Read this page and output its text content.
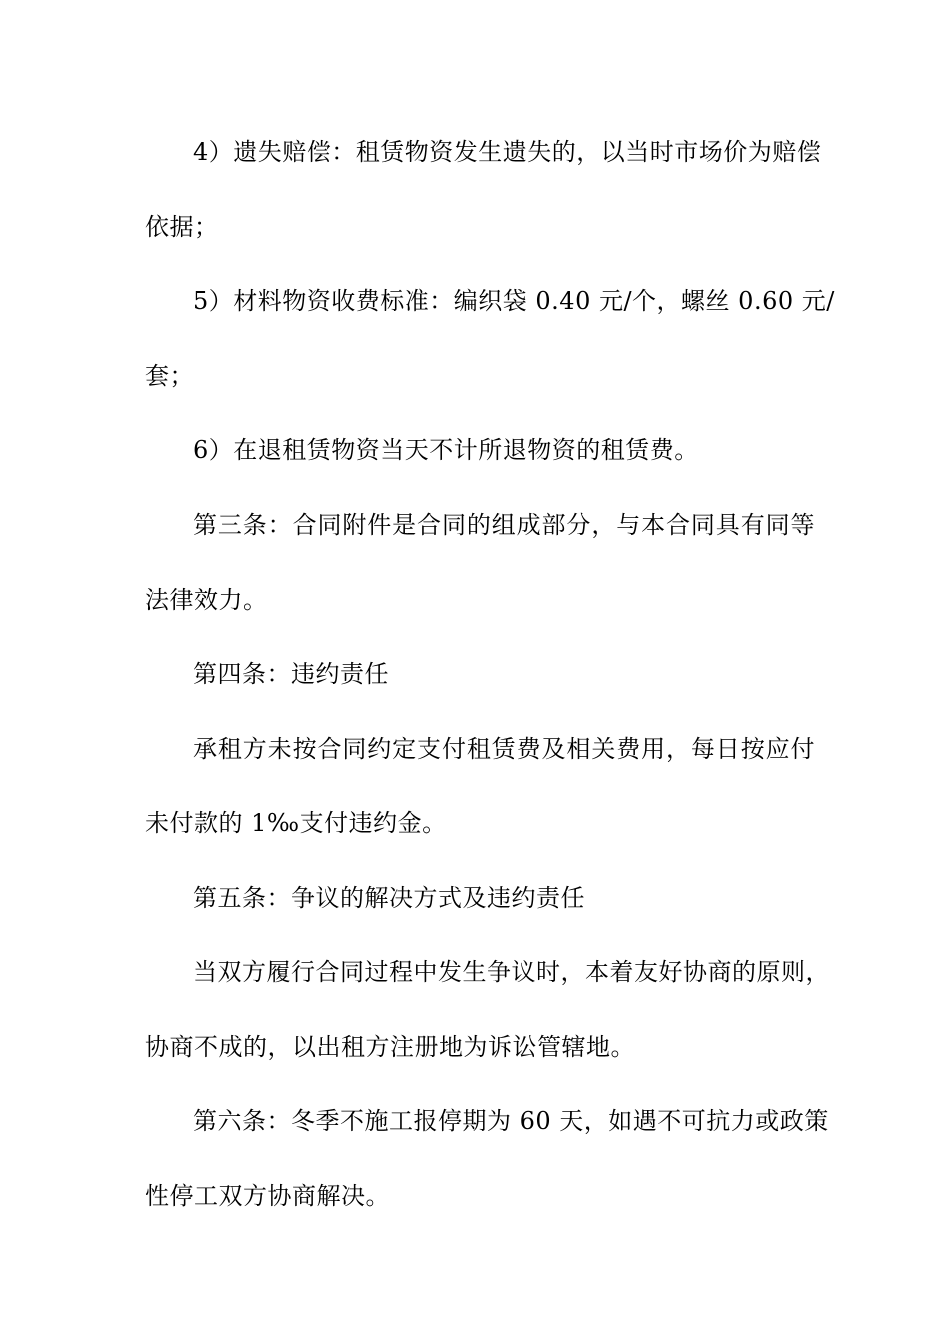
4）遗失赔偿：租赁物资发生遗失的，以当时市场价为赔偿
依据；
5）材料物资收费标准：编织袋 0.40 元/个，螺丝 0.60 元/
套；
6）在退租赁物资当天不计所退物资的租赁费。
第三条：合同附件是合同的组成部分，与本合同具有同等
法律效力。
第四条：违约责任
承租方未按合同约定支付租赁费及相关费用，每日按应付
未付款的 1‰支付违约金。
第五条：争议的解决方式及违约责任
当双方履行合同过程中发生争议时，本着友好协商的原则，
协商不成的，以出租方注册地为诉讼管辖地。
第六条：冬季不施工报停期为 60 天，如遇不可抗力或政策
性停工双方协商解决。
